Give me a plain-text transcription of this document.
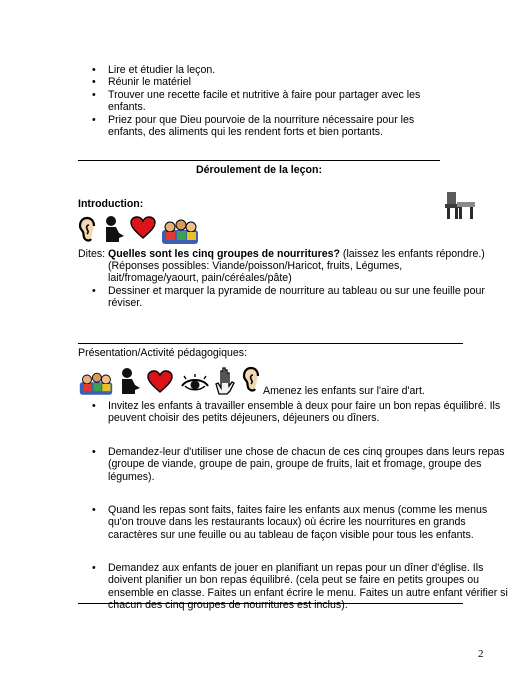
• Lire et étudier la leçon.
• Réunir le matériel
• Trouver une recette facile et nutritive à faire pour partager avec les enfants.
• Priez pour que Dieu pourvoie de la nourriture nécessaire pour les enfants, des aliments qui les rendent forts et bien portants.
Déroulement de la leçon:
Introduction:
Dites: Quelles sont les cinq groupes de nourritures? (laissez les enfants répondre.)
(Réponses possibles: Viande/poisson/Haricot, fruits, Légumes, lait/fromage/yaourt, pain/céréales/pâte)
• Dessiner et marquer la pyramide de nourriture au tableau ou sur une feuille pour réviser.
Présentation/Activité pédagogiques:
Amenez les enfants sur l'aire d'art.
• Invitez les enfants à travailler ensemble à deux pour faire un bon repas équilibré. Ils peuvent choisir des petits déjeuners, déjeuners ou dîners.
• Demandez-leur d'utiliser une chose de chacun de ces cinq groupes dans leurs repas (groupe de viande, groupe de pain, groupe de fruits, lait et fromage, groupe des légumes).
• Quand les repas sont faits, faites faire les enfants aux menus (comme les menus qu'on trouve dans les restaurants locaux) où écrire les nourritures en grands caractères sur une feuille ou au tableau de façon visible pour tous les enfants.
• Demandez aux enfants de jouer en planifiant un repas pour un dîner d'église. Ils doivent planifier un bon repas équilibré. (cela peut se faire en petits groupes ou ensemble en classe. Faites un enfant écrire le menu. Faites un autre enfant vérifier si chacun des cinq groupes de nourritures est inclus).
2
